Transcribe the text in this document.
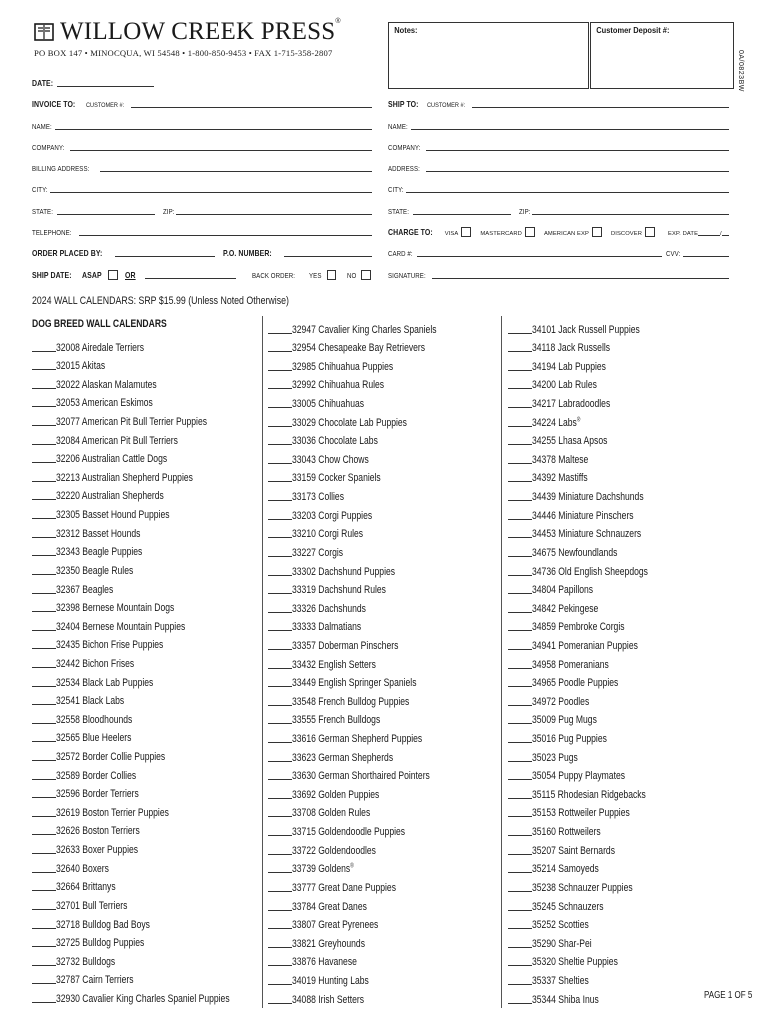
WILLOW CREEK PRESS®
PO BOX 147 • MINOCQUA, WI 54548 • 1-800-850-9453 • FAX 1-715-358-2807
Notes:	Customer Deposit #:
0A/0823BW
DATE:
INVOICE TO: CUSTOMER #:
NAME:
COMPANY:
BILLING ADDRESS:
CITY:
STATE:	ZIP:
TELEPHONE:
ORDER PLACED BY:	P.O. NUMBER:
SHIP DATE: ASAP	OR	BACK ORDER: YES	NO
SHIP TO: CUSTOMER #:
NAME:
COMPANY:
ADDRESS:
CITY:
STATE:	ZIP:
CHARGE TO: VISA	MASTERCARD	AMERICAN EXP	DISCOVER	EXP. DATE	/
CARD #:	CVV:
SIGNATURE:
2024 WALL CALENDARS: SRP $15.99 (Unless Noted Otherwise)
DOG BREED WALL CALENDARS
32008 Airedale Terriers
32015 Akitas
32022 Alaskan Malamutes
32053 American Eskimos
32077 American Pit Bull Terrier Puppies
32084 American Pit Bull Terriers
32206 Australian Cattle Dogs
32213 Australian Shepherd Puppies
32220 Australian Shepherds
32305 Basset Hound Puppies
32312 Basset Hounds
32343 Beagle Puppies
32350 Beagle Rules
32367 Beagles
32398 Bernese Mountain Dogs
32404 Bernese Mountain Puppies
32435 Bichon Frise Puppies
32442 Bichon Frises
32534 Black Lab Puppies
32541 Black Labs
32558 Bloodhounds
32565 Blue Heelers
32572 Border Collie Puppies
32589 Border Collies
32596 Border Terriers
32619 Boston Terrier Puppies
32626 Boston Terriers
32633 Boxer Puppies
32640 Boxers
32664 Brittanys
32701 Bull Terriers
32718 Bulldog Bad Boys
32725 Bulldog Puppies
32732 Bulldogs
32787 Cairn Terriers
32930 Cavalier King Charles Spaniel Puppies
32947 Cavalier King Charles Spaniels
32954 Chesapeake Bay Retrievers
32985 Chihuahua Puppies
32992 Chihuahua Rules
33005 Chihuahuas
33029 Chocolate Lab Puppies
33036 Chocolate Labs
33043 Chow Chows
33159 Cocker Spaniels
33173 Collies
33203 Corgi Puppies
33210 Corgi Rules
33227 Corgis
33302 Dachshund Puppies
33319 Dachshund Rules
33326 Dachshunds
33333 Dalmatians
33357 Doberman Pinschers
33432 English Setters
33449 English Springer Spaniels
33548 French Bulldog Puppies
33555 French Bulldogs
33616 German Shepherd Puppies
33623 German Shepherds
33630 German Shorthaired Pointers
33692 Golden Puppies
33708 Golden Rules
33715 Goldendoodle Puppies
33722 Goldendoodles
33739 Goldens®
33777 Great Dane Puppies
33784 Great Danes
33807 Great Pyrenees
33821 Greyhounds
33876 Havanese
34019 Hunting Labs
34088 Irish Setters
34101 Jack Russell Puppies
34118 Jack Russells
34194 Lab Puppies
34200 Lab Rules
34217 Labradoodles
34224 Labs®
34255 Lhasa Apsos
34378 Maltese
34392 Mastiffs
34439 Miniature Dachshunds
34446 Miniature Pinschers
34453 Miniature Schnauzers
34675 Newfoundlands
34736 Old English Sheepdogs
34804 Papillons
34842 Pekingese
34859 Pembroke Corgis
34941 Pomeranian Puppies
34958 Pomeranians
34965 Poodle Puppies
34972 Poodles
35009 Pug Mugs
35016 Pug Puppies
35023 Pugs
35054 Puppy Playmates
35115 Rhodesian Ridgebacks
35153 Rottweiler Puppies
35160 Rottweilers
35207 Saint Bernards
35214 Samoyeds
35238 Schnauzer Puppies
35245 Schnauzers
35252 Scotties
35290 Shar-Pei
35320 Sheltie Puppies
35337 Shelties
35344 Shiba Inus	PAGE 1 OF 5
